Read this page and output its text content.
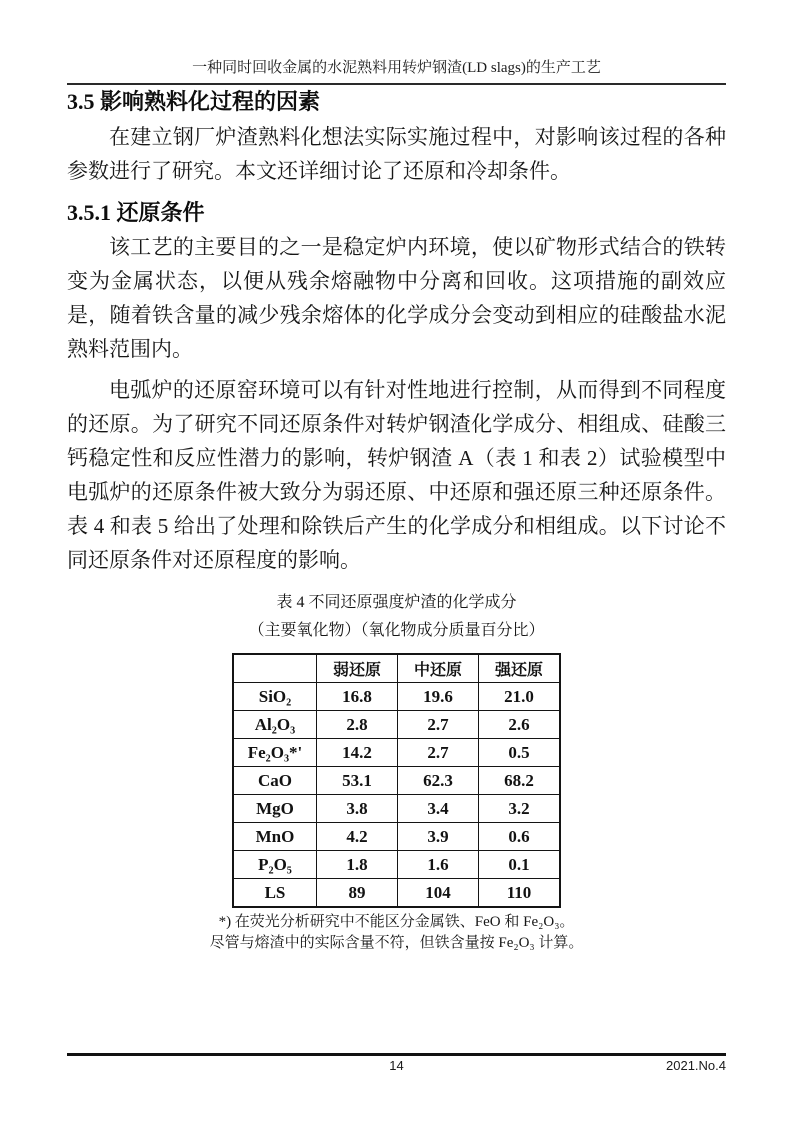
一种同时回收金属的水泥熟料用转炉钢渣(LD slags)的生产工艺
3.5 影响熟料化过程的因素

在建立钢厂炉渣熟料化想法实际实施过程中，对影响该过程的各种参数进行了研究。本文还详细讨论了还原和冷却条件。

3.5.1 还原条件

该工艺的主要目的之一是稳定炉内环境，使以矿物形式结合的铁转变为金属状态，以便从残余熔融物中分离和回收。这项措施的副效应是，随着铁含量的减少残余熔体的化学成分会变动到相应的硅酸盐水泥熟料范围内。

电弧炉的还原窑环境可以有针对性地进行控制，从而得到不同程度的还原。为了研究不同还原条件对转炉钢渣化学成分、相组成、硅酸三钙稳定性和反应性潜力的影响，转炉钢渣 A（表 1 和表 2）试验模型中电弧炉的还原条件被大致分为弱还原、中还原和强还原三种还原条件。表 4 和表 5 给出了处理和除铁后产生的化学成分和相组成。以下讨论不同还原条件对还原程度的影响。

表 4 不同还原强度炉渣的化学成分
（主要氧化物）（氧化物成分质量百分比）
	弱还原	中还原	强还原
SiO₂	16.8	19.6	21.0
Al₂O₃	2.8	2.7	2.6
Fe₂O₃*'	14.2	2.7	0.5
CaO	53.1	62.3	68.2
MgO	3.8	3.4	3.2
MnO	4.2	3.9	0.6
P₂O₅	1.8	1.6	0.1
LS	89	104	110
*) 在荧光分析研究中不能区分金属铁、FeO 和 Fe₂O₃。
尽管与熔渣中的实际含量不符，但铁含量按 Fe₂O₃ 计算。
14	2021.No.4
